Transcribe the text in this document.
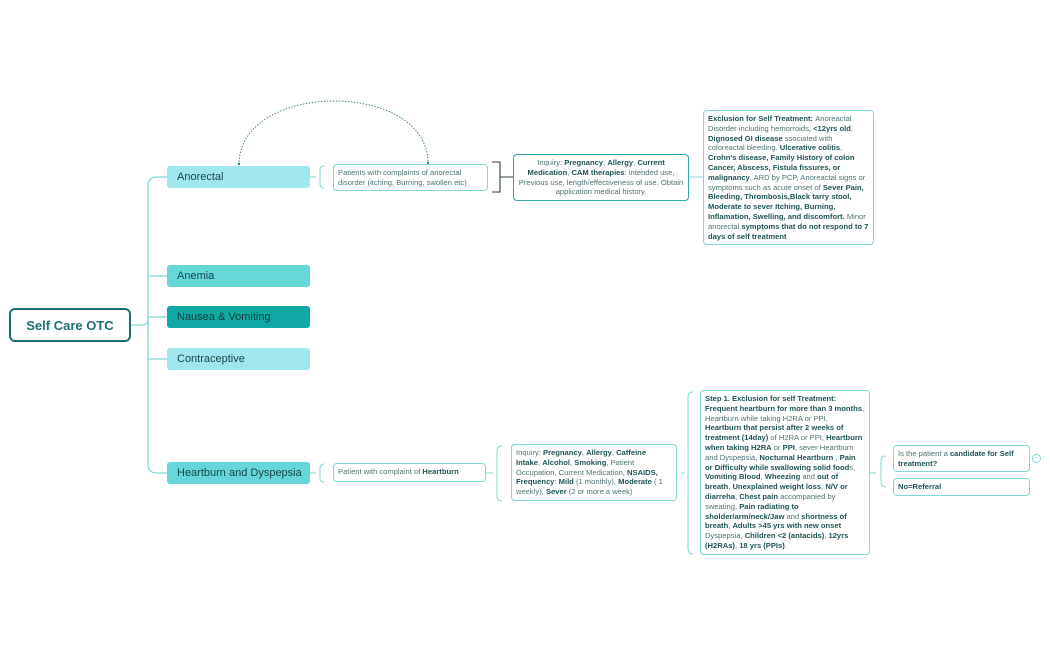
Self Care OTC
Anorectal
Anemia
Nausea & Vomiting
Contraceptive
Heartburn and Dyspepsia
Patients with complaints of anorectal disorder (itching, Burning, swollen etc)
Inquiry: Pregnancy, Allergy, Current Medication, CAM therapies: intended use, Previous use, length/effectiveness of use. Obtain application medical history.
Exclusion for Self Treatment: Anoreactal Disorder including hemorroids, <12yrs old, Dignosed GI disease ssociated with coloreactal bleeding. Ulcerative colitis, Crohn's disease, Family History of colon Cancer, Abscess, Fistula fissures, or malignancy, ARD by PCP, Anoreactal signs or symptoms such as acute onset of Sever Pain, Bleeding, Thrombosis,Black tarry stool, Moderate to sever Itching, Burning, Inflamation, Swelling, and discomfort. Minor anorectal symptoms that do not respond to 7 days of self treatment
Patient with complaint of Heartburn
Inquiry: Pregnancy, Allergy, Caffeine Intake, Alcohol, Smoking, Patient Occupation, Current Medication, NSAIDS, Frequency: Mild (1 monthly), Moderate ( 1 weekly), Sever (2 or more a week)
Step 1. Exclusion for self Treatment: Frequent heartburn for more than 3 months, Heartburn while taking H2RA or PPI, Heartburn that persist after 2 weeks of treatment (14day) of H2RA or PPI, Heartburn when taking H2RA or PPI, sever Heartburn and Dyspepsia, Nocturnal Heartburn , Pain or Difficulty while swallowing solid foods, Vomiting Blood, Wheezing and out of breath, Unexplained weight loss, N/V or diarreha, Chest pain accompanied by sweating, Pain radiating to sholder/arm/neck/Jaw and shortness of breath, Adults >45 yrs with new onset Dyspepsia, Children <2 (antacids), 12yrs (H2RAs), 18 yrs (PPIs).
Is the patient a candidate for Self treatment?
+
No=Referral
